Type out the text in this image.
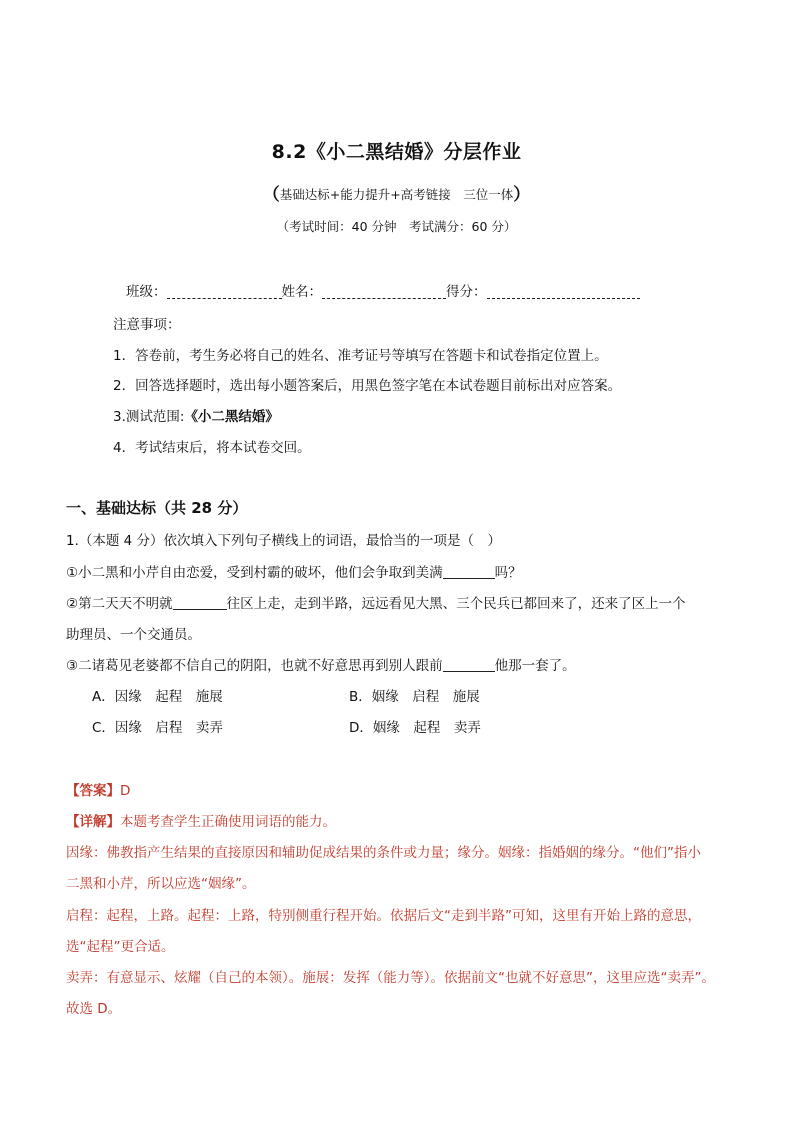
8.2《小二黑结婚》分层作业
（基础达标+能力提升+高考链接　三位一体）
（考试时间：40 分钟　考试满分：60 分）
班级：	姓名：	得分：
注意事项：
1．答卷前，考生务必将自己的姓名、准考证号等填写在答题卡和试卷指定位置上。
2．回答选择题时，选出每小题答案后，用黑色签字笔在本试卷题目前标出对应答案。
3.测试范围:《小二黑结婚》
4．考试结束后，将本试卷交回。
一、基础达标（共 28 分）
1.（本题 4 分）依次填入下列句子横线上的词语，最恰当的一项是（　）
①小二黑和小芹自由恋爱，受到村霸的破坏，他们会争取到美满	吗？
②第二天天不明就	往区上走，走到半路，远远看见大黑、三个民兵已都回来了，还来了区上一个
助理员、一个交通员。
③二诸葛见老婆都不信自己的阴阳，也就不好意思再到别人跟前	他那一套了。
A．因缘　起程　施展	B．姻缘　启程　施展
C．因缘　启程　卖弄	D．姻缘　起程　卖弄
【答案】D
【详解】本题考查学生正确使用词语的能力。
因缘：佛教指产生结果的直接原因和辅助促成结果的条件或力量；缘分。姻缘：指婚姻的缘分。“他们”指小
二黑和小芹，所以应选“姻缘”。
启程：起程，上路。起程：上路，特别侧重行程开始。依据后文“走到半路”可知，这里有开始上路的意思，
选“起程”更合适。
卖弄：有意显示、炫耀（自己的本领）。施展：发挥（能力等）。依据前文“也就不好意思”，这里应选“卖弄”。
故选 D。
